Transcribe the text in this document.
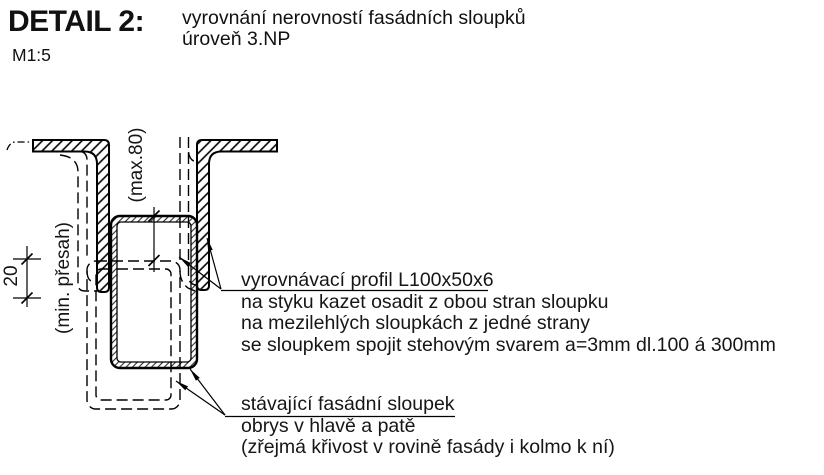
(max.80)
20 (min. přesah)
DETAIL 2: vyrovnání nerovností fasádních sloupků
úroveň 3.NP
M1:5
vyrovnávací profil L100x50x6
na styku kazet osadit z obou stran sloupku
na mezilehlých sloupkách z jedné strany
se sloupkem spojit stehovým svarem a=3mm dl.100 á 300mm
stávající fasádní sloupek
obrys v hlavě a patě
(zřejmá křivost v rovině fasády i kolmo k ní)
